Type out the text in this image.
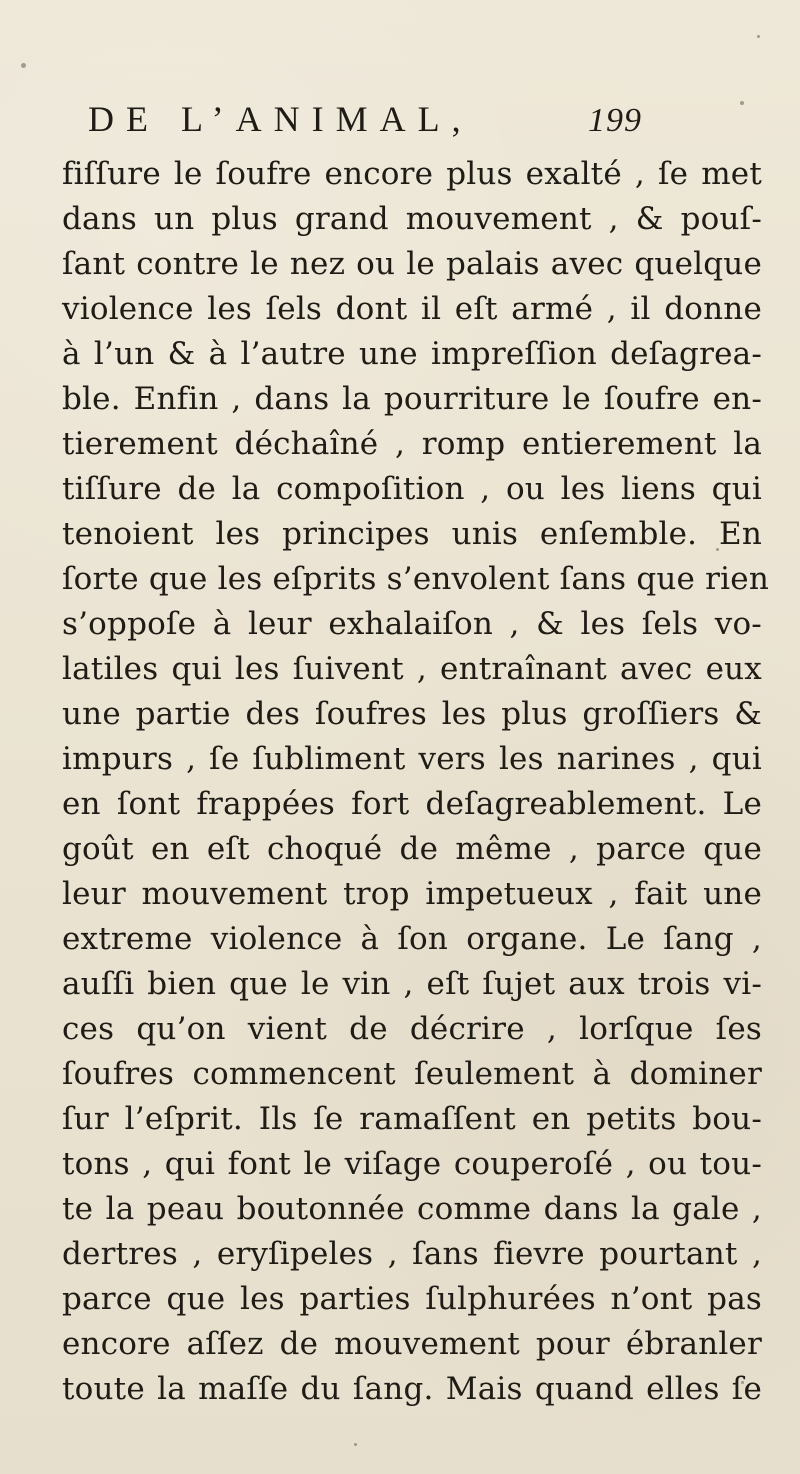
DE L’ANIMAL,	199
fiſſure le ſoufre encore plus exalté , ſe met
dans un plus grand mouvement , & pouſ-
ſant contre le nez ou le palais avec quelque
violence les ſels dont il eſt armé , il donne
à l’un & à l’autre une impreſſion deſagrea-
ble. Enfin , dans la pourriture le ſoufre en-
tierement déchaîné , romp entierement la
tiſſure de la compoſition , ou les liens qui
tenoient les principes unis enſemble. En
ſorte que les eſprits s’envolent ſans que rien
s’oppoſe à leur exhalaiſon , & les ſels vo-
latiles qui les ſuivent , entraînant avec eux
une partie des ſoufres les plus groſſiers &
impurs , ſe ſubliment vers les narines , qui
en ſont frappées fort deſagreablement. Le
goût en eſt choqué de même , parce que
leur mouvement trop impetueux , fait une
extreme violence à ſon organe. Le ſang ,
auſſi bien que le vin , eſt ſujet aux trois vi-
ces qu’on vient de décrire , lorſque ſes
ſoufres commencent ſeulement à dominer
ſur l’eſprit. Ils ſe ramaſſent en petits bou-
tons , qui font le viſage couperoſé , ou tou-
te la peau boutonnée comme dans la gale ,
dertres , eryſipeles , ſans fievre pourtant ,
parce que les parties ſulphurées n’ont pas
encore aſſez de mouvement pour ébranler
toute la maſſe du ſang. Mais quand elles ſe
